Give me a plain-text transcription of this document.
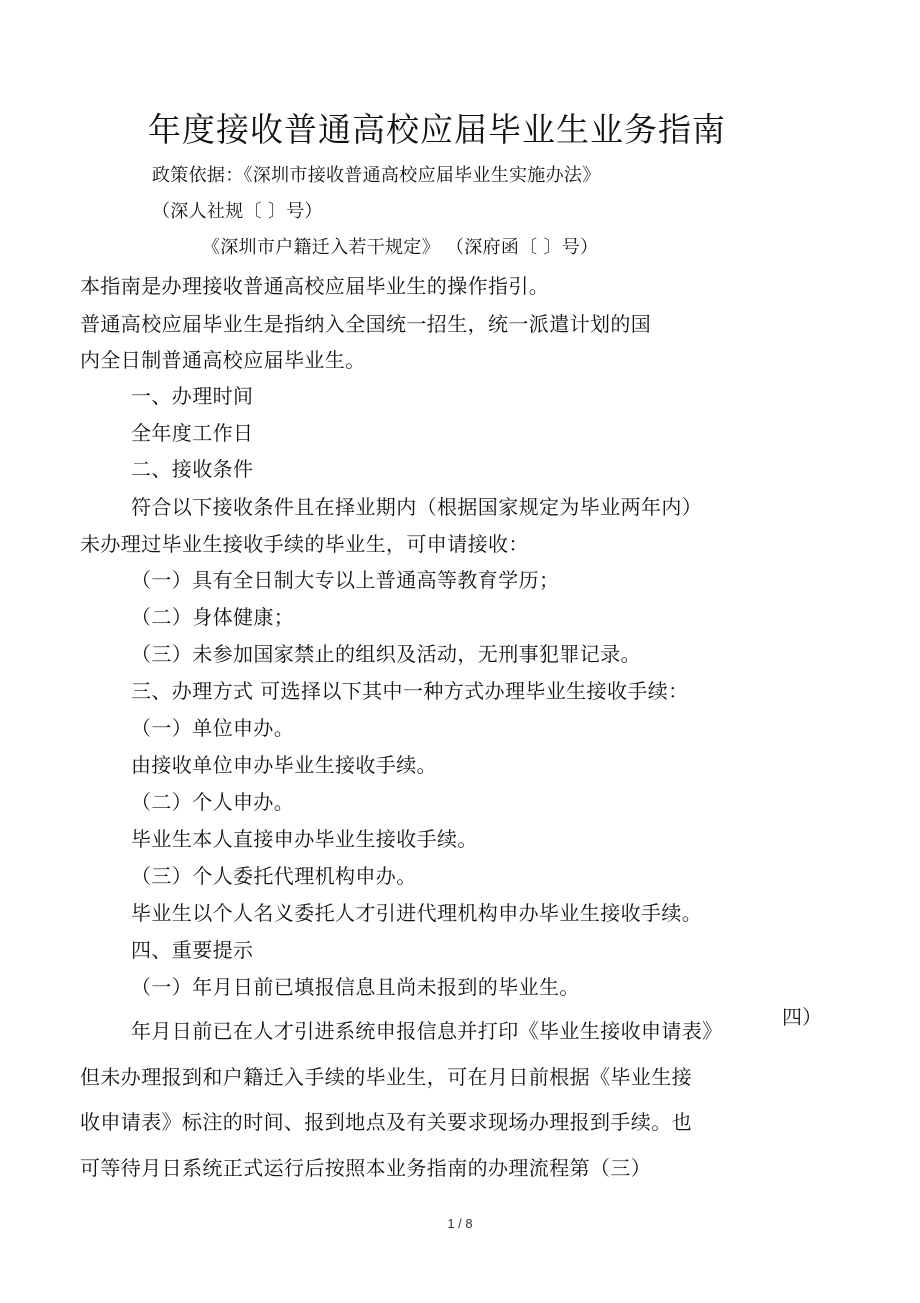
年度接收普通高校应届毕业生业务指南
政策依据：《深圳市接收普通高校应届毕业生实施办法》
（深人社规〔 〕号）
《深圳市户籍迁入若干规定》 （深府函〔 〕号）
本指南是办理接收普通高校应届毕业生的操作指引。
普通高校应届毕业生是指纳入全国统一招生，统一派遣计划的国
内全日制普通高校应届毕业生。
一、办理时间
全年度工作日
二、接收条件
符合以下接收条件且在择业期内（根据国家规定为毕业两年内）
未办理过毕业生接收手续的毕业生，可申请接收：
（一）具有全日制大专以上普通高等教育学历；
（二）身体健康；
（三）未参加国家禁止的组织及活动，无刑事犯罪记录。
三、办理方式 可选择以下其中一种方式办理毕业生接收手续：
（一）单位申办。
由接收单位申办毕业生接收手续。
（二）个人申办。
毕业生本人直接申办毕业生接收手续。
（三）个人委托代理机构申办。
毕业生以个人名义委托人才引进代理机构申办毕业生接收手续。
四、重要提示
（一）年月日前已填报信息且尚未报到的毕业生。
年月日前已在人才引进系统申报信息并打印《毕业生接收申请表》
四）
但未办理报到和户籍迁入手续的毕业生，可在月日前根据《毕业生接
收申请表》标注的时间、报到地点及有关要求现场办理报到手续。也
可等待月日系统正式运行后按照本业务指南的办理流程第（三）
1 / 8
